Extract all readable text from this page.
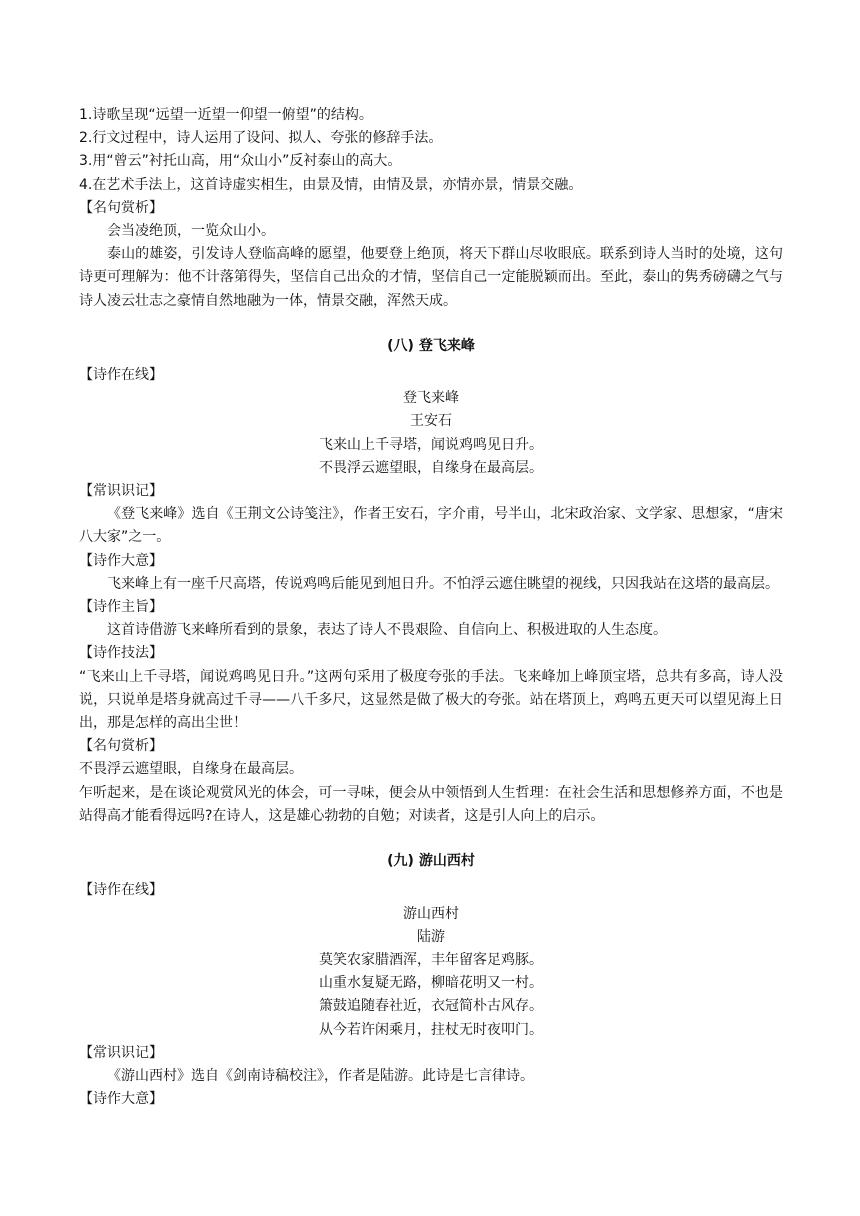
1.诗歌呈现“远望一近望一仰望一俯望”的结构。
2.行文过程中，诗人运用了设问、拟人、夸张的修辞手法。
3.用“曾云”衬托山高，用“众山小”反衬泰山的高大。
4.在艺术手法上，这首诗虚实相生，由景及情，由情及景，亦情亦景，情景交融。
【名句赏析】
会当凌绝顶，一览众山小。
泰山的雄姿，引发诗人登临高峰的愿望，他要登上绝顶，将天下群山尽收眼底。联系到诗人当时的处境，这句诗更可理解为：他不计落第得失，坚信自己出众的才情，坚信自己一定能脱颖而出。至此，泰山的隽秀磅礴之气与诗人凌云壮志之豪情自然地融为一体，情景交融，浑然天成。
(八) 登飞来峰
【诗作在线】
登飞来峰
王安石
飞来山上千寻塔，闻说鸡鸣见日升。
不畏浮云遮望眼，自缘身在最高层。
【常识识记】
《登飞来峰》选自《王荆文公诗笺注》，作者王安石，字介甫，号半山，北宋政治家、文学家、思想家，“唐宋八大家”之一。
【诗作大意】
飞来峰上有一座千尺高塔，传说鸡鸣后能见到旭日升。不怕浮云遮住眺望的视线，只因我站在这塔的最高层。
【诗作主旨】
这首诗借游飞来峰所看到的景象，表达了诗人不畏艰险、自信向上、积极进取的人生态度。
【诗作技法】
“飞来山上千寻塔，闻说鸡鸣见日升。”这两句采用了极度夸张的手法。飞来峰加上峰顶宝塔，总共有多高，诗人没说，只说单是塔身就高过千寻——八千多尺，这显然是做了极大的夸张。站在塔顶上，鸡鸣五更天可以望见海上日出，那是怎样的高出尘世！
【名句赏析】
不畏浮云遮望眼，自缘身在最高层。
乍听起来，是在谈论观赏风光的体会，可一寻味，便会从中领悟到人生哲理：在社会生活和思想修养方面，不也是站得高才能看得远吗?在诗人，这是雄心勃勃的自勉；对读者，这是引人向上的启示。
(九) 游山西村
【诗作在线】
游山西村
陆游
莫笑农家腊酒浑，丰年留客足鸡豚。
山重水复疑无路，柳暗花明又一村。
箫鼓追随春社近，衣冠简朴古风存。
从今若许闲乘月，拄杖无时夜叩门。
【常识识记】
《游山西村》选自《剑南诗稿校注》，作者是陆游。此诗是七言律诗。
【诗作大意】
